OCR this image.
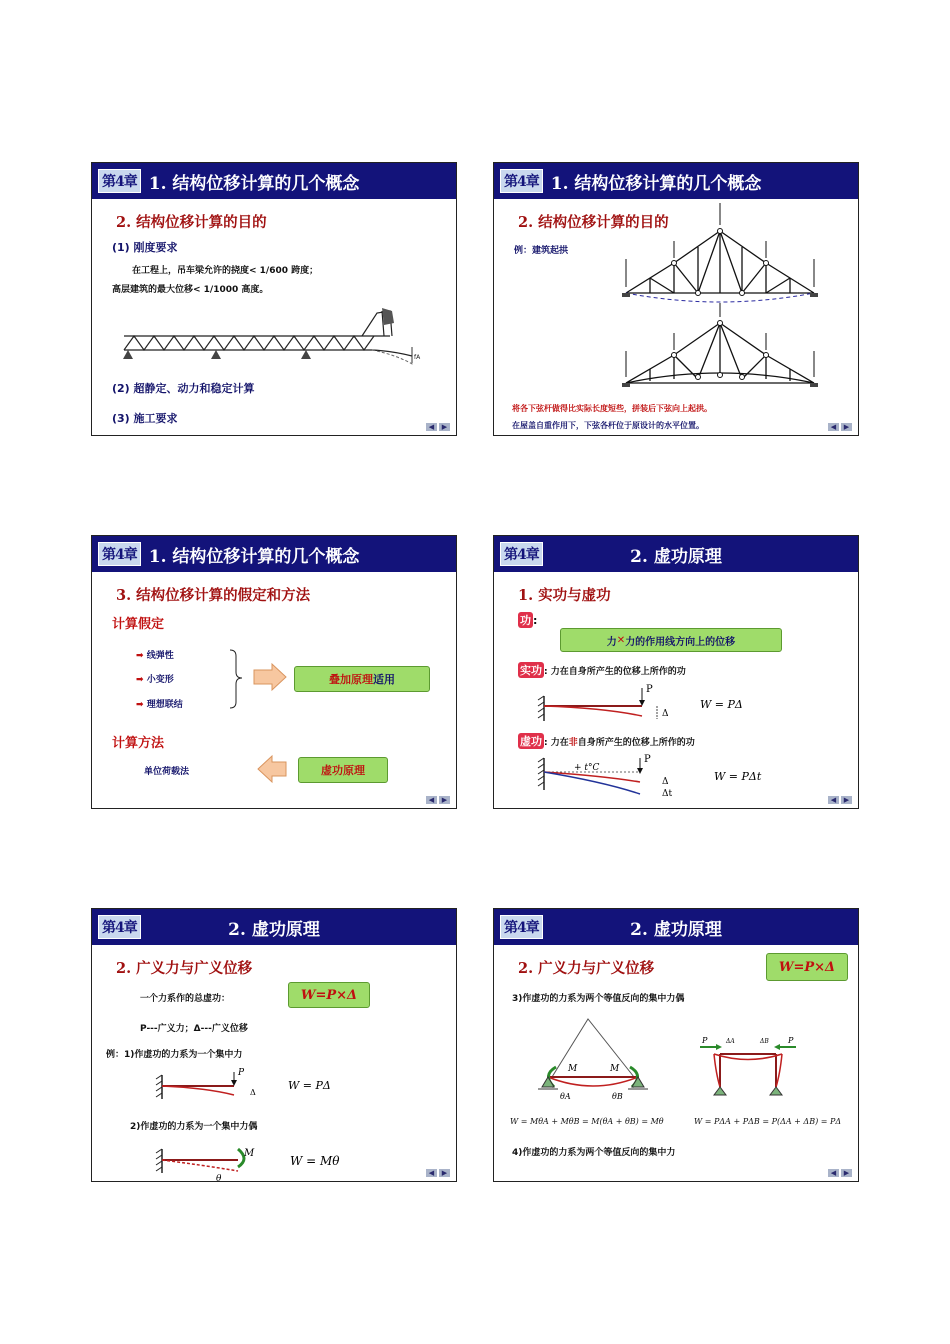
第4章 1. 结构位移计算的几个概念
2. 结构位移计算的目的
(1) 刚度要求
在工程上，吊车梁允许的挠度< 1/600 跨度；
高层建筑的最大位移< 1/1000 高度。
fA
(2) 超静定、动力和稳定计算
(3) 施工要求
◀	▶
第4章 1. 结构位移计算的几个概念
2. 结构位移计算的目的
例：建筑起拱
将各下弦杆做得比实际长度短些，拼装后下弦向上起拱。
在屋盖自重作用下，下弦各杆位于原设计的水平位置。	◀	▶
第4章 1. 结构位移计算的几个概念
3. 结构位移计算的假定和方法
计算假定
➡ 线弹性
➡ 小变形
➡ 理想联结
叠加原理 适用
计算方法
单位荷载法	虚功原理
◀	▶
第4章	2. 虚功原理
1. 实功与虚功
功 :
力 ✕ 力的作用线方向上的位移
实功 : 力在自身所产生的位移上所作的功
P
Δ
W = PΔ
虚功 : 力在非自身所产生的位移上所作的功
+ t°C
P
Δ
Δt
W = PΔt
◀	▶
第4章	2. 虚功原理
2. 广义力与广义位移
一个力系作的总虚功：	W=P×Δ
P---广义力；Δ---广义位移
例：1)作虚功的力系为一个集中力
P
Δ
W = PΔ
2)作虚功的力系为一个集中力偶
M
θ
W = Mθ
◀	▶
第4章	2. 虚功原理
2. 广义力与广义位移	W=P×Δ
3)作虚功的力系为两个等值反向的集中力偶
M	M
θA	θB
P	P
ΔA	ΔB
W = MθA + MθB = M(θA + θB) = Mθ	W = PΔA + PΔB = P(ΔA + ΔB) = PΔ
4)作虚功的力系为两个等值反向的集中力
◀	▶
